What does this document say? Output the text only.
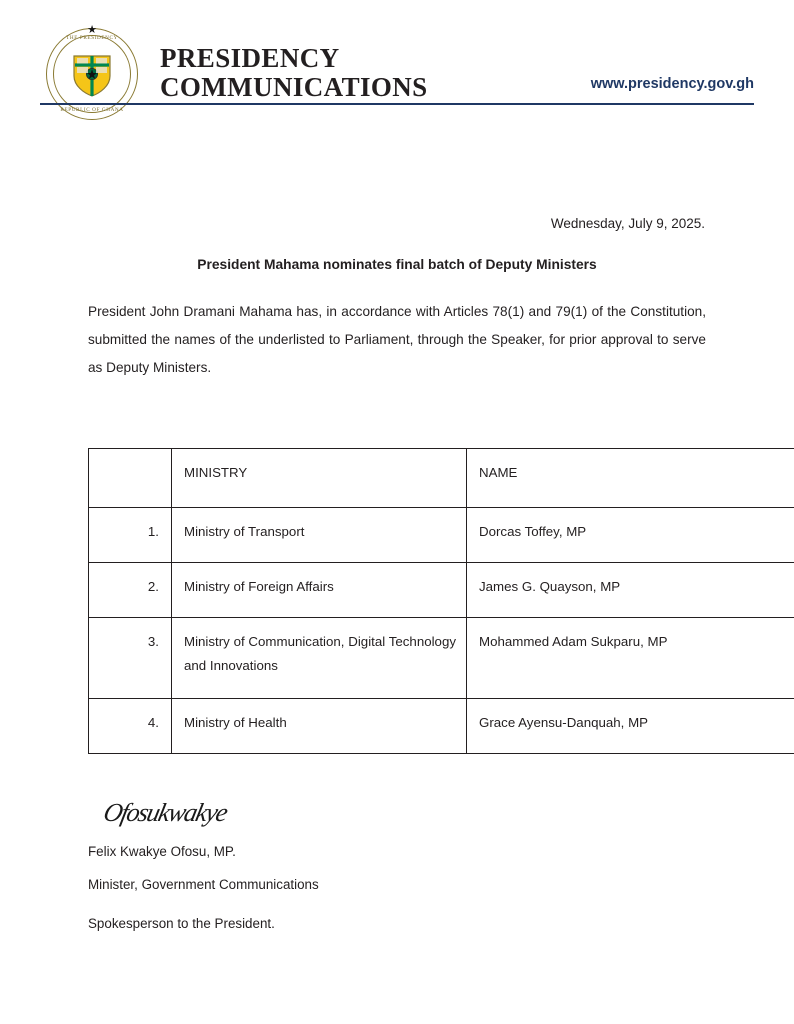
THE PRESIDENCY
REPUBLIC OF GHANA
★
PRESIDENCY
COMMUNICATIONS	www.presidency.gov.gh
Wednesday, July 9, 2025.
President Mahama nominates final batch of Deputy Ministers
President John Dramani Mahama has, in accordance with Articles 78(1) and 79(1) of the Constitution, submitted the names of the underlisted to Parliament, through the Speaker, for prior approval to serve as Deputy Ministers.
	MINISTRY	NAME
1.	Ministry of Transport	Dorcas Toffey, MP
2.	Ministry of Foreign Affairs	James G. Quayson, MP
3.	Ministry of Communication, Digital Technology and Innovations	Mohammed Adam Sukparu, MP
4.	Ministry of Health	Grace Ayensu-Danquah, MP
Ofosukwakye
Felix Kwakye Ofosu, MP.
Minister, Government Communications
Spokesperson to the President.
